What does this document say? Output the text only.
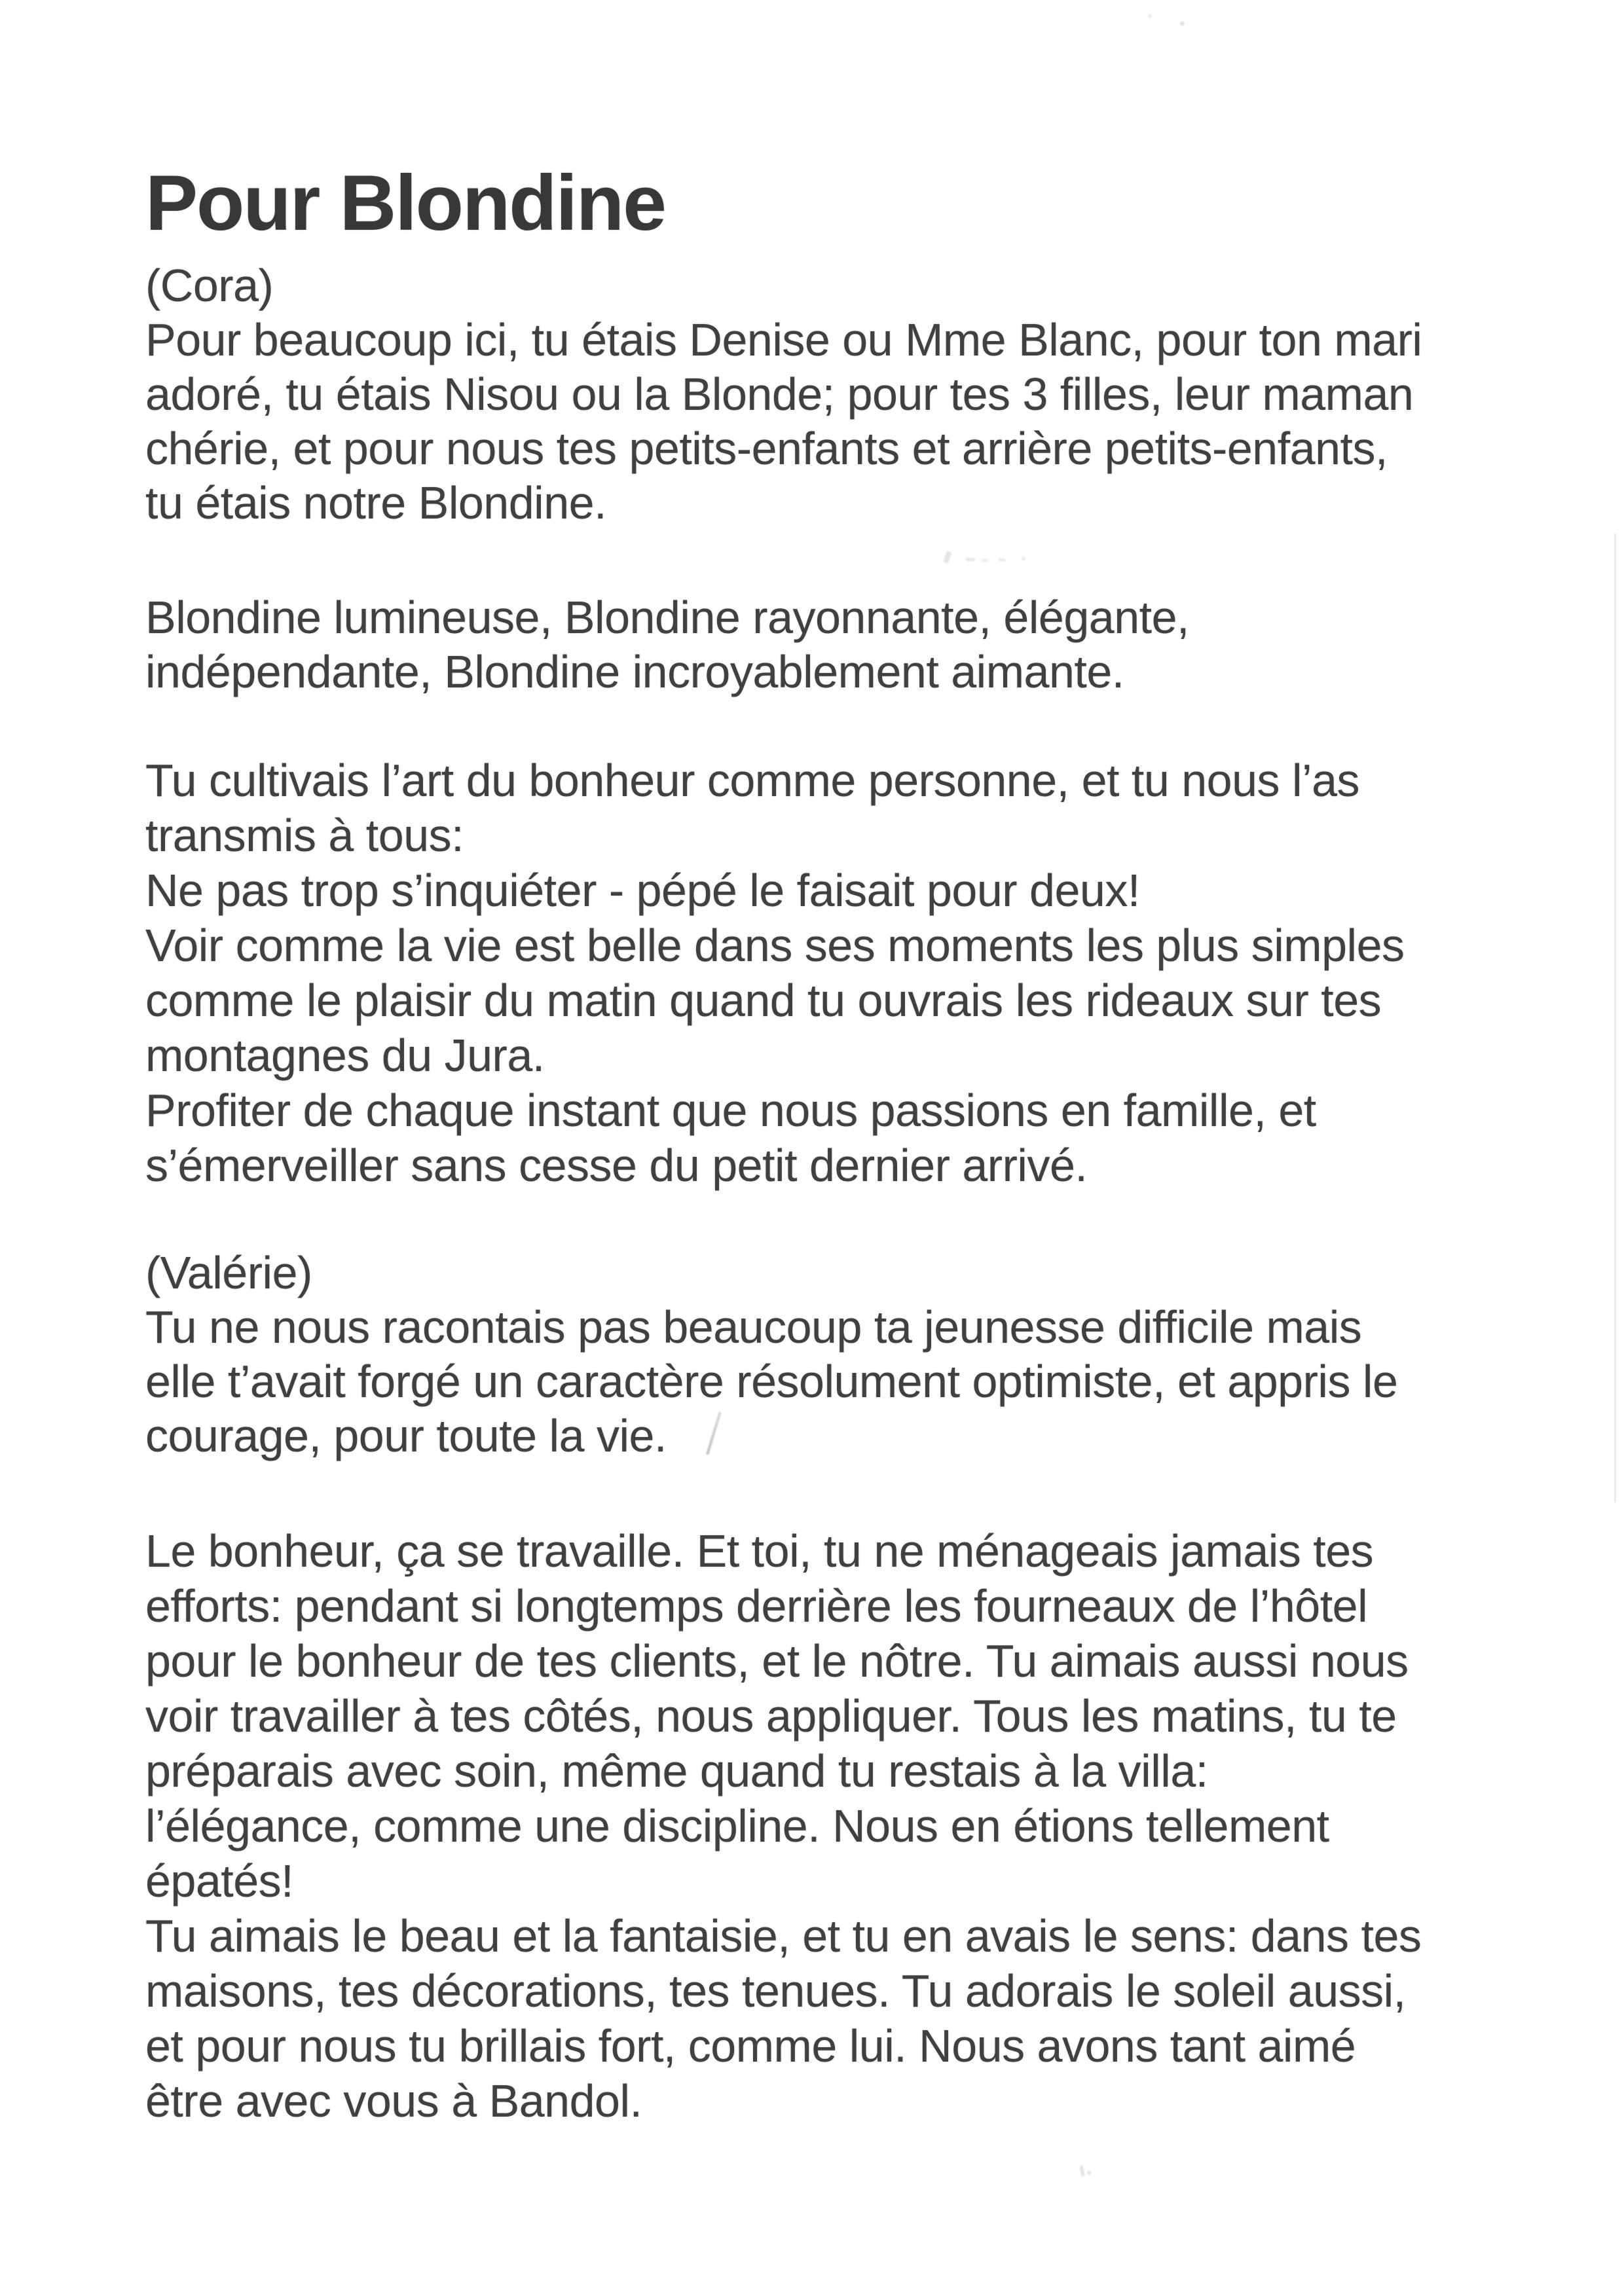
Pour Blondine
(Cora)
Pour beaucoup ici, tu étais Denise ou Mme Blanc, pour ton mari
adoré, tu étais Nisou ou la Blonde; pour tes 3 filles, leur maman
chérie, et pour nous tes petits-enfants et arrière petits-enfants,
tu étais notre Blondine.
Blondine lumineuse, Blondine rayonnante, élégante,
indépendante, Blondine incroyablement aimante.
Tu cultivais l’art du bonheur comme personne, et tu nous l’as
transmis à tous:
Ne pas trop s’inquiéter - pépé le faisait pour deux!
Voir comme la vie est belle dans ses moments les plus simples
comme le plaisir du matin quand tu ouvrais les rideaux sur tes
montagnes du Jura.
Profiter de chaque instant que nous passions en famille, et
s’émerveiller sans cesse du petit dernier arrivé.
(Valérie)
Tu ne nous racontais pas beaucoup ta jeunesse difficile mais
elle t’avait forgé un caractère résolument optimiste, et appris le
courage, pour toute la vie.
Le bonheur, ça se travaille. Et toi, tu ne ménageais jamais tes
efforts: pendant si longtemps derrière les fourneaux de l’hôtel
pour le bonheur de tes clients, et le nôtre. Tu aimais aussi nous
voir travailler à tes côtés, nous appliquer. Tous les matins, tu te
préparais avec soin, même quand tu restais à la villa:
l’élégance, comme une discipline. Nous en étions tellement
épatés!
Tu aimais le beau et la fantaisie, et tu en avais le sens: dans tes
maisons, tes décorations, tes tenues. Tu adorais le soleil aussi,
et pour nous tu brillais fort, comme lui. Nous avons tant aimé
être avec vous à Bandol.
